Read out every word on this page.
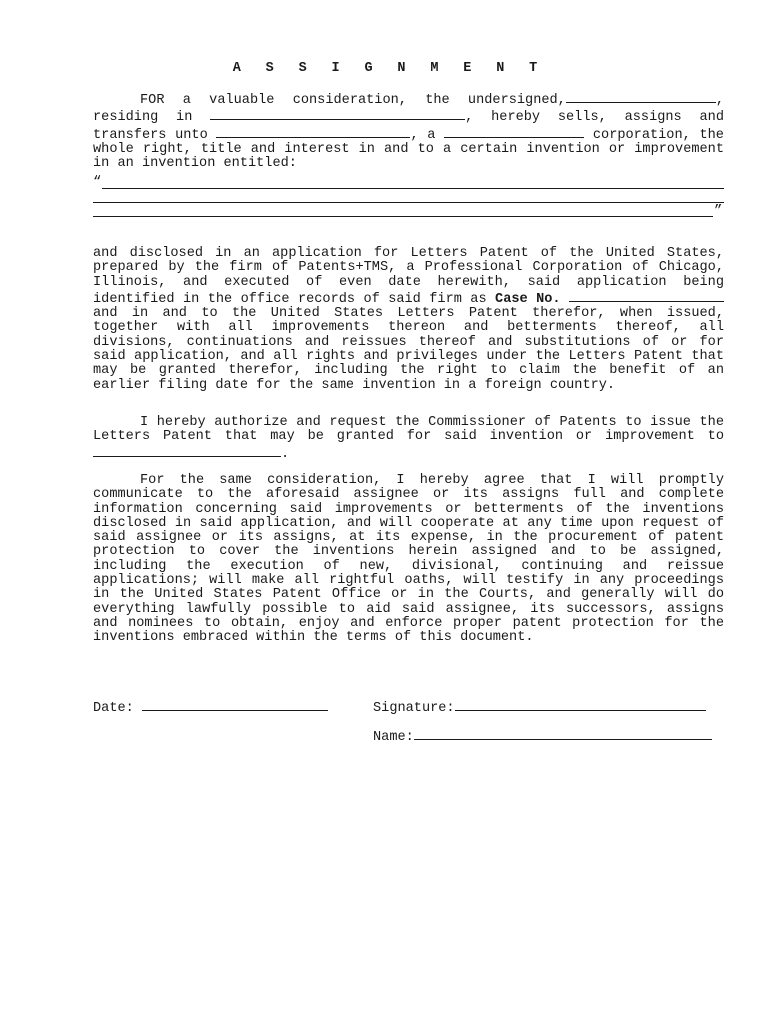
A S S I G N M E N T
FOR a valuable consideration, the undersigned,	, residing in	, hereby sells, assigns and transfers unto	, a	corporation, the whole right, title and interest in and to a certain invention or improvement in an invention entitled:
“
”
and disclosed in an application for Letters Patent of the United States, prepared by the firm of Patents+TMS, a Professional Corporation of Chicago, Illinois, and executed of even date herewith, said application being identified in the office records of said firm as Case No.  and in and to the United States Letters Patent therefor, when issued, together with all improvements thereon and betterments thereof, all divisions, continuations and reissues thereof and substitutions of or for said application, and all rights and privileges under the Letters Patent that may be granted therefor, including the right to claim the benefit of an earlier filing date for the same invention in a foreign country.
I hereby authorize and request the Commissioner of Patents to issue the Letters Patent that may be granted for said invention or improvement to .
For the same consideration, I hereby agree that I will promptly communicate to the aforesaid assignee or its assigns full and complete information concerning said improvements or betterments of the inventions disclosed in said application, and will cooperate at any time upon request of said assignee or its assigns, at its expense, in the procurement of patent protection to cover the inventions herein assigned and to be assigned, including the execution of new, divisional, continuing and reissue applications; will make all rightful oaths, will testify in any proceedings in the United States Patent Office or in the Courts, and generally will do everything lawfully possible to aid said assignee, its successors, assigns and nominees to obtain, enjoy and enforce proper patent protection for the inventions embraced within the terms of this document.
Date:	Signature:
Name:
